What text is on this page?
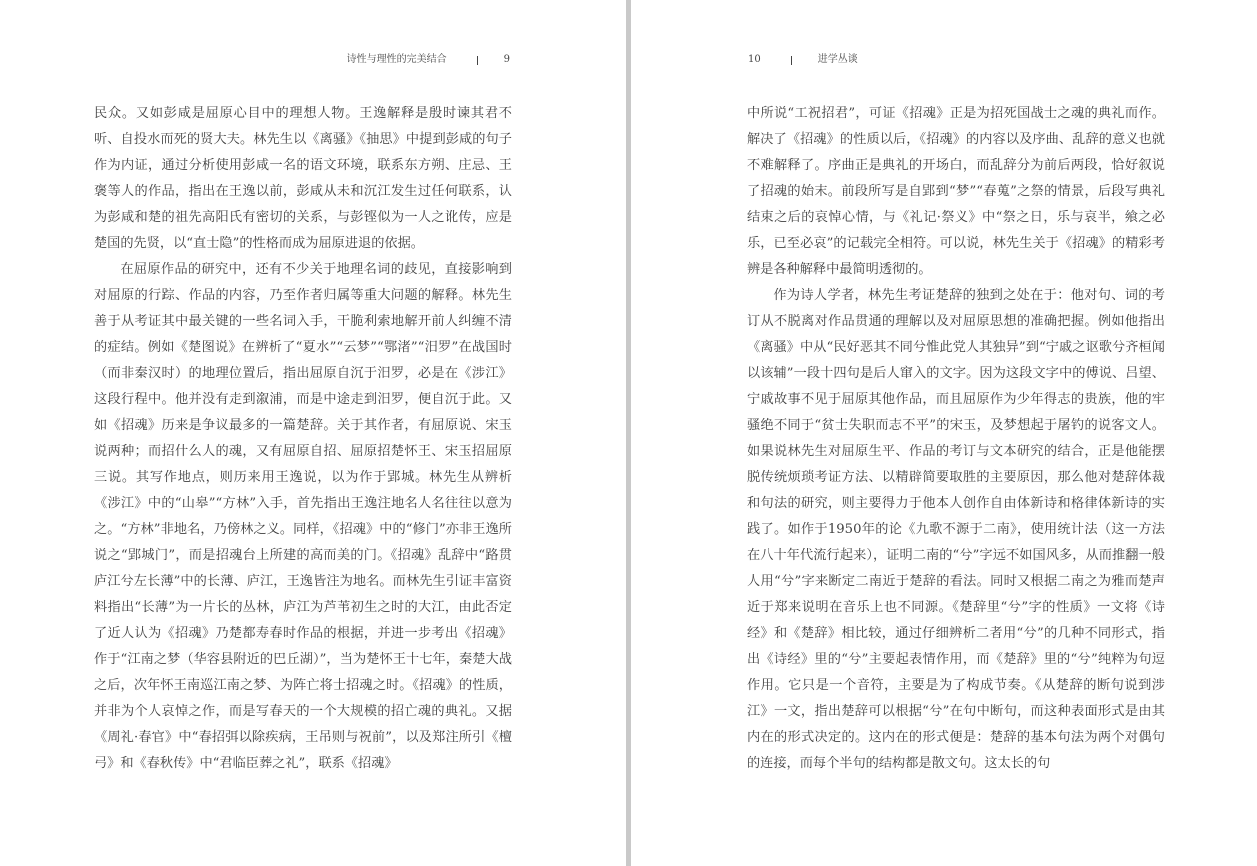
诗性与理性的完美结合	9

民众。又如彭咸是屈原心目中的理想人物。王逸解释是殷时谏其君不听、自投水而死的贤大夫。林先生以《离骚》《抽思》中提到彭咸的句子作为内证，通过分析使用彭咸一名的语文环境，联系东方朔、庄忌、王褒等人的作品，指出在王逸以前，彭咸从未和沉江发生过任何联系，认为彭咸和楚的祖先高阳氏有密切的关系，与彭铿似为一人之讹传，应是楚国的先贤，以“直士隐”的性格而成为屈原进退的依据。

在屈原作品的研究中，还有不少关于地理名词的歧见，直接影响到对屈原的行踪、作品的内容，乃至作者归属等重大问题的解释。林先生善于从考证其中最关键的一些名词入手，干脆利索地解开前人纠缠不清的症结。例如《楚图说》在辨析了“夏水”“云梦”“鄂渚”“汨罗”在战国时（而非秦汉时）的地理位置后，指出屈原自沉于汨罗，必是在《涉江》这段行程中。他并没有走到溆浦，而是中途走到汨罗，便自沉于此。又如《招魂》历来是争议最多的一篇楚辞。关于其作者，有屈原说、宋玉说两种；而招什么人的魂，又有屈原自招、屈原招楚怀王、宋玉招屈原三说。其写作地点，则历来用王逸说，以为作于郢城。林先生从辨析《涉江》中的“山皋”“方林”入手，首先指出王逸注地名人名往往以意为之。“方林”非地名，乃傍林之义。同样，《招魂》中的“修门”亦非王逸所说之“郢城门”，而是招魂台上所建的高而美的门。《招魂》乱辞中“路贯庐江兮左长薄”中的长薄、庐江，王逸皆注为地名。而林先生引证丰富资料指出“长薄”为一片长的丛林，庐江为芦苇初生之时的大江，由此否定了近人认为《招魂》乃楚都寿春时作品的根据，并进一步考出《招魂》作于“江南之梦（华容县附近的巴丘湖）”，当为楚怀王十七年，秦楚大战之后，次年怀王南巡江南之梦、为阵亡将士招魂之时。《招魂》的性质，并非为个人哀悼之作，而是写春天的一个大规模的招亡魂的典礼。又据《周礼·春官》中“春招弭以除疾病，王吊则与祝前”，以及郑注所引《檀弓》和《春秋传》中“君临臣葬之礼”，联系《招魂》

10	进学丛谈

中所说“工祝招君”，可证《招魂》正是为招死国战士之魂的典礼而作。解决了《招魂》的性质以后，《招魂》的内容以及序曲、乱辞的意义也就不难解释了。序曲正是典礼的开场白，而乱辞分为前后两段，恰好叙说了招魂的始末。前段所写是自郢到“梦”“春蒐”之祭的情景，后段写典礼结束之后的哀悼心情，与《礼记·祭义》中“祭之日，乐与哀半，飨之必乐，已至必哀”的记载完全相符。可以说，林先生关于《招魂》的精彩考辨是各种解释中最简明透彻的。

作为诗人学者，林先生考证楚辞的独到之处在于：他对句、词的考订从不脱离对作品贯通的理解以及对屈原思想的准确把握。例如他指出《离骚》中从“民好恶其不同兮惟此党人其独异”到“宁戚之讴歌兮齐桓闻以该辅”一段十四句是后人窜入的文字。因为这段文字中的傅说、吕望、宁戚故事不见于屈原其他作品，而且屈原作为少年得志的贵族，他的牢骚绝不同于“贫士失职而志不平”的宋玉，及梦想起于屠钓的说客文人。如果说林先生对屈原生平、作品的考订与文本研究的结合，正是他能摆脱传统烦琐考证方法、以精辟简要取胜的主要原因，那么他对楚辞体裁和句法的研究，则主要得力于他本人创作自由体新诗和格律体新诗的实践了。如作于1950年的论《九歌不源于二南》，使用统计法（这一方法在八十年代流行起来），证明二南的“兮”字远不如国风多，从而推翻一般人用“兮”字来断定二南近于楚辞的看法。同时又根据二南之为雅而楚声近于郑来说明在音乐上也不同源。《楚辞里“兮”字的性质》一文将《诗经》和《楚辞》相比较，通过仔细辨析二者用“兮”的几种不同形式，指出《诗经》里的“兮”主要起表情作用，而《楚辞》里的“兮”纯粹为句逗作用。它只是一个音符，主要是为了构成节奏。《从楚辞的断句说到涉江》一文，指出楚辞可以根据“兮”在句中断句，而这种表面形式是由其内在的形式决定的。这内在的形式便是：楚辞的基本句法为两个对偶句的连接，而每个半句的结构都是散文句。这太长的句
